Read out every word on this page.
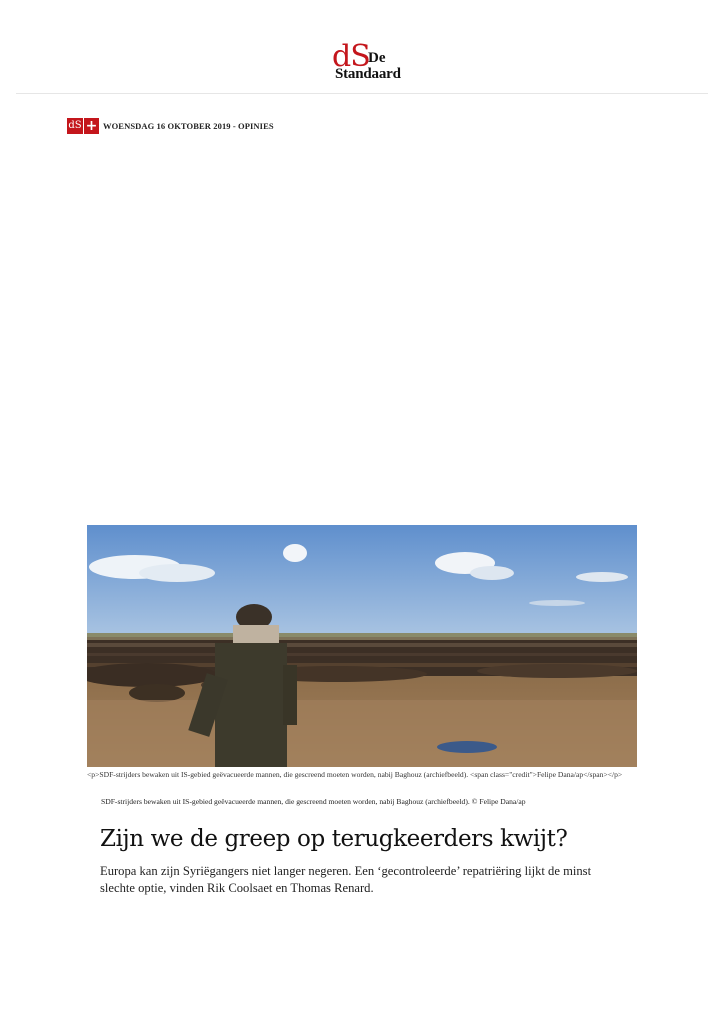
dS
De
Standaard
dS + WOENSDAG 16 OKTOBER 2019 - OPINIES
<p>SDF-strijders bewaken uit IS-gebied geëvacueerde mannen, die gescreend moeten worden, nabij Baghouz (archiefbeeld). <span class="credit">Felipe Dana/ap</span></p>
SDF-strijders bewaken uit IS-gebied geëvacueerde mannen, die gescreend moeten worden, nabij Baghouz (archiefbeeld). © Felipe Dana/ap
Zijn we de greep op terugkeerders kwijt?

Europa kan zijn Syriëgangers niet langer negeren. Een ‘gecontroleerde’ repatriëring lijkt de minst slechte optie, vinden Rik Coolsaet en Thomas Renard.
